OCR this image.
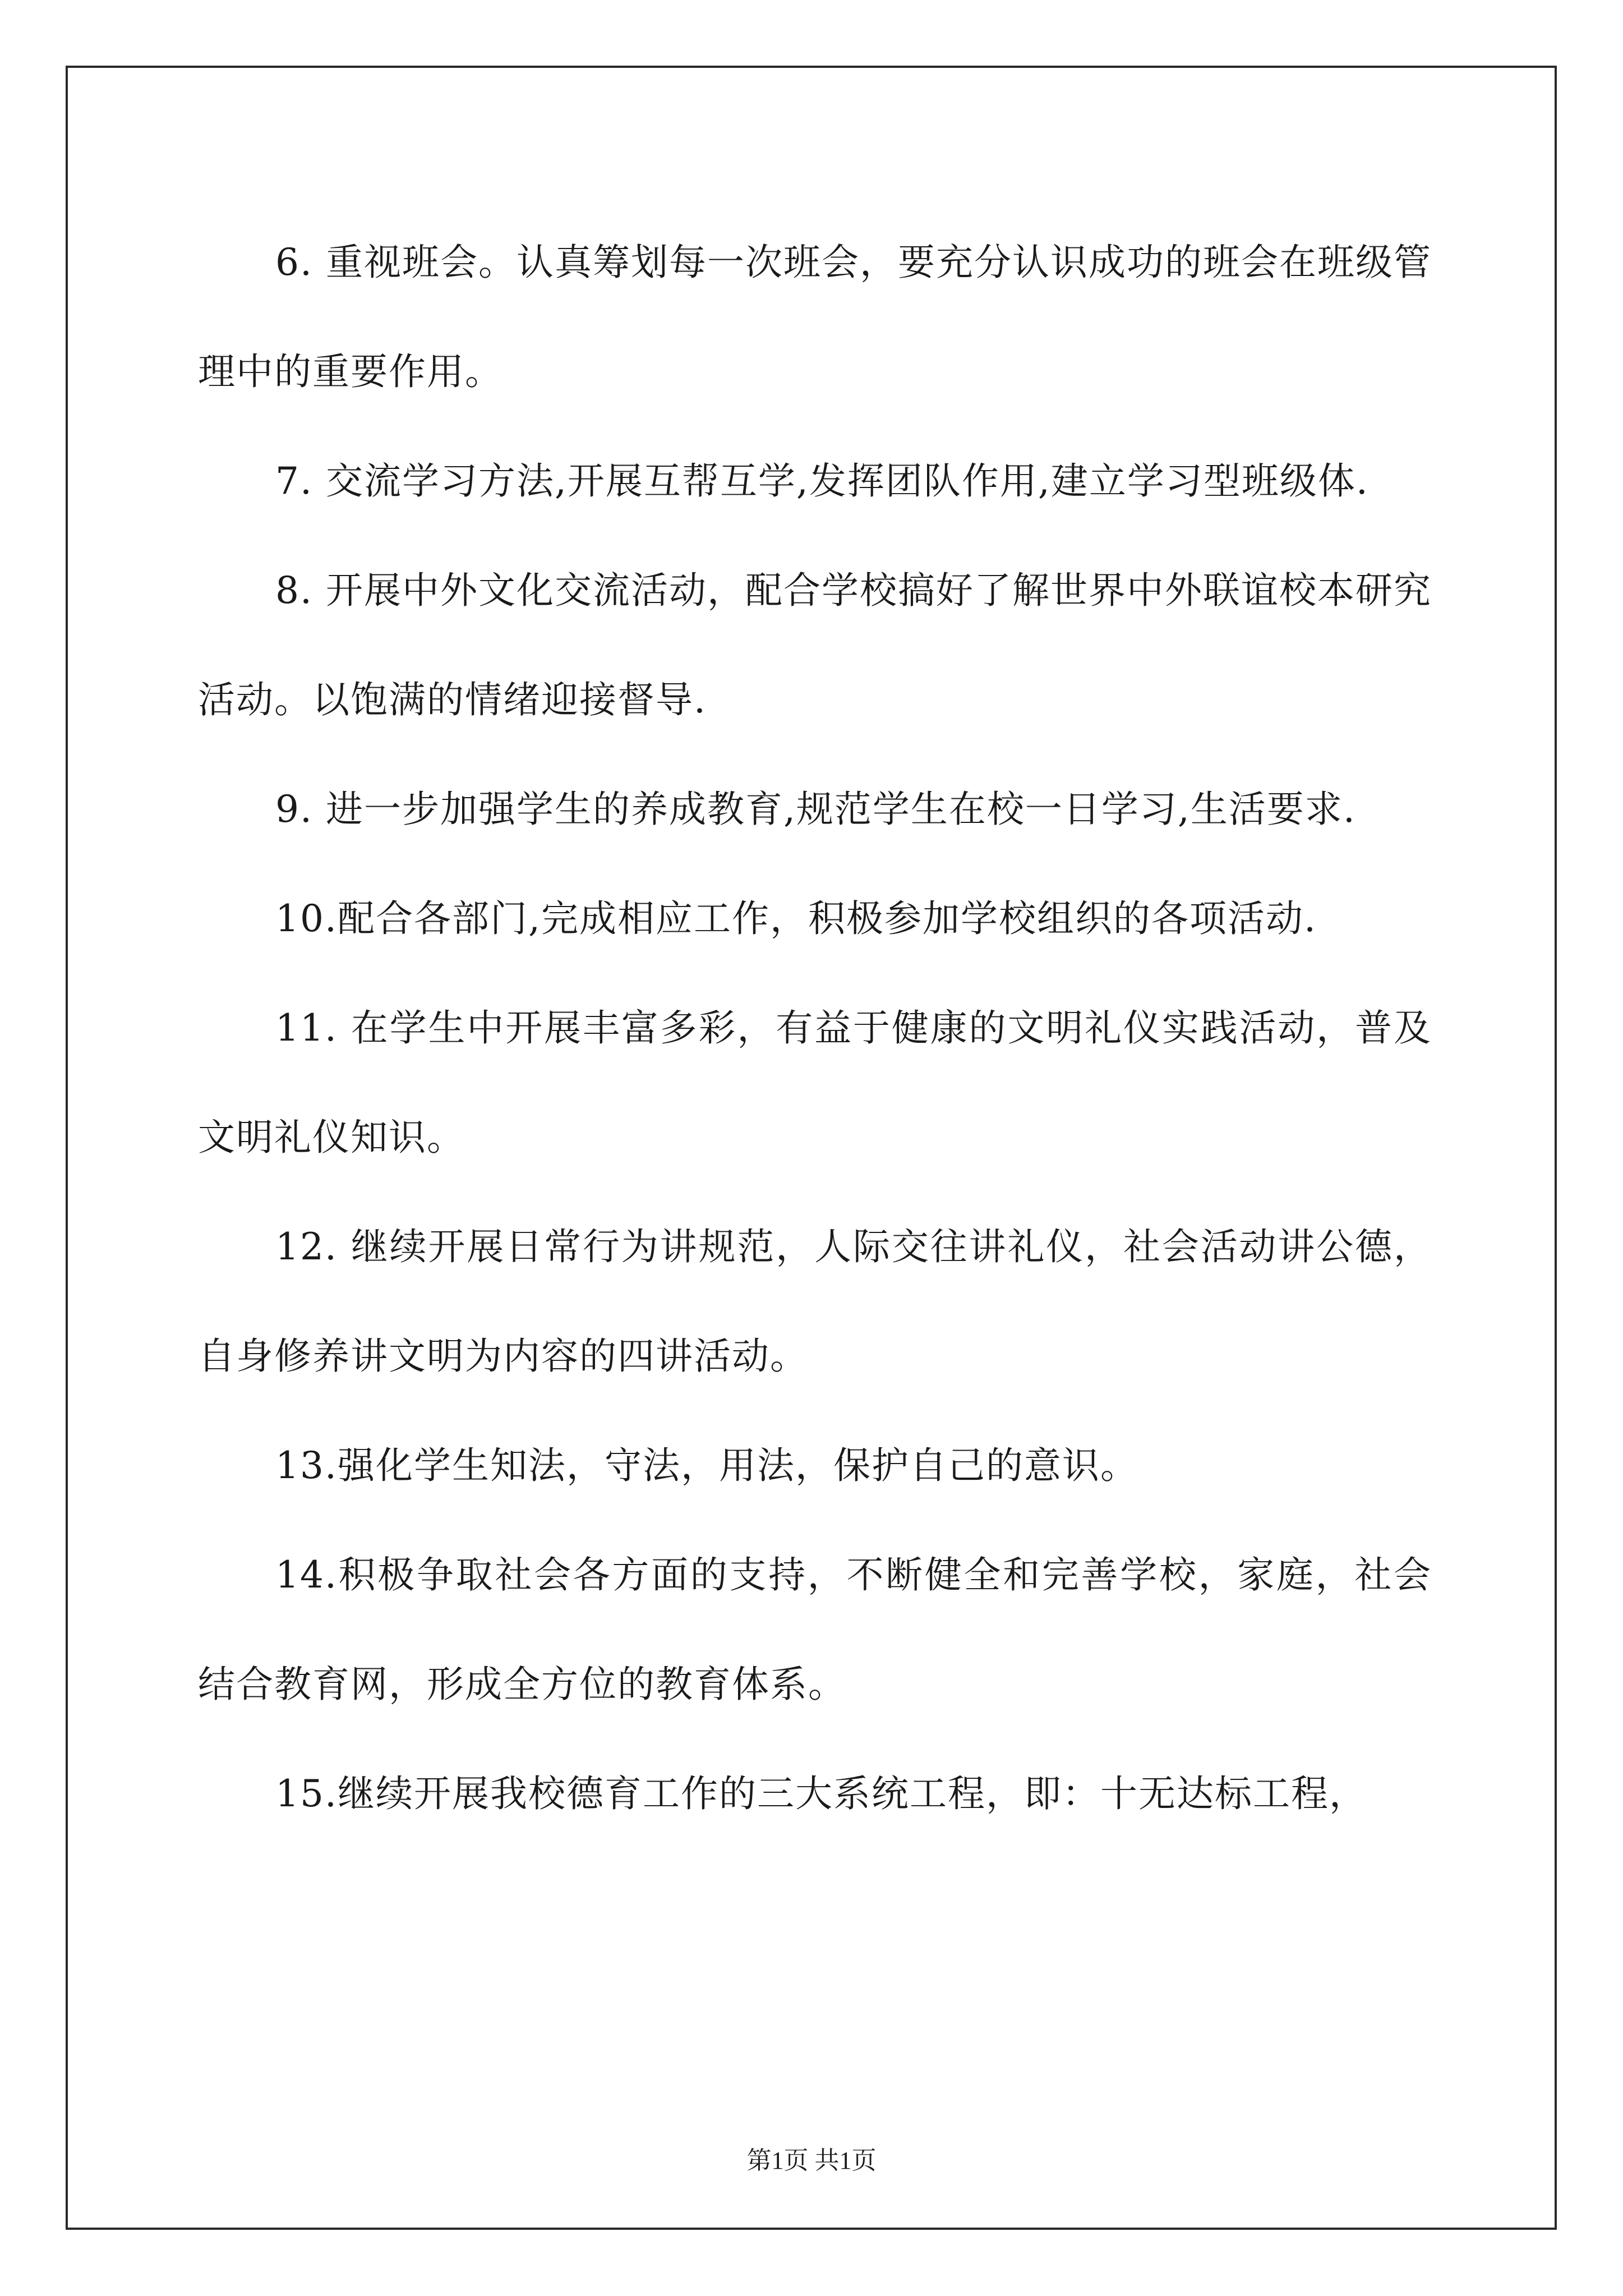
6. 重视班会。认真筹划每一次班会，要充分认识成功的班会在班级管理中的重要作用。

7. 交流学习方法,开展互帮互学,发挥团队作用,建立学习型班级体.

8. 开展中外文化交流活动，配合学校搞好了解世界中外联谊校本研究活动。以饱满的情绪迎接督导.

9. 进一步加强学生的养成教育,规范学生在校一日学习,生活要求.

10.配合各部门,完成相应工作，积极参加学校组织的各项活动.

11. 在学生中开展丰富多彩，有益于健康的文明礼仪实践活动，普及文明礼仪知识。

12. 继续开展日常行为讲规范，人际交往讲礼仪，社会活动讲公德，自身修养讲文明为内容的四讲活动。

13.强化学生知法，守法，用法，保护自己的意识。

14.积极争取社会各方面的支持，不断健全和完善学校，家庭，社会结合教育网，形成全方位的教育体系。

15.继续开展我校德育工作的三大系统工程，即：十无达标工程，

第1页 共1页
